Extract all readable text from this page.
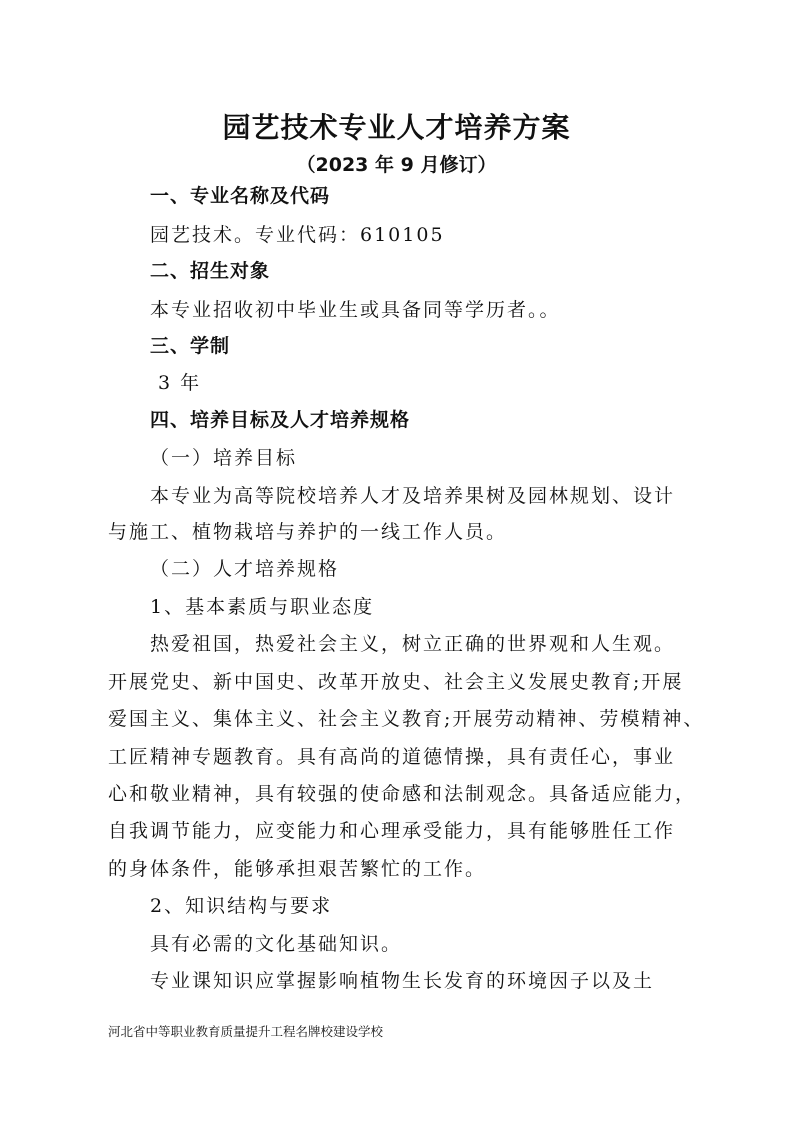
园艺技术专业人才培养方案
（2023 年 9 月修订）
一、专业名称及代码
园艺技术。专业代码：610105
二、招生对象
本专业招收初中毕业生或具备同等学历者。。
三、学制
3 年
四、培养目标及人才培养规格
（一）培养目标
本专业为高等院校培养人才及培养果树及园林规划、设计
与施工、植物栽培与养护的一线工作人员。
（二）人才培养规格
1、基本素质与职业态度
热爱祖国，热爱社会主义，树立正确的世界观和人生观。
开展党史、新中国史、改革开放史、社会主义发展史教育;开展
爱国主义、集体主义、社会主义教育;开展劳动精神、劳模精神、
工匠精神专题教育。具有高尚的道德情操，具有责任心，事业
心和敬业精神，具有较强的使命感和法制观念。具备适应能力，
自我调节能力，应变能力和心理承受能力，具有能够胜任工作
的身体条件，能够承担艰苦繁忙的工作。
2、知识结构与要求
具有必需的文化基础知识。
专业课知识应掌握影响植物生长发育的环境因子以及土
河北省中等职业教育质量提升工程名牌校建设学校
